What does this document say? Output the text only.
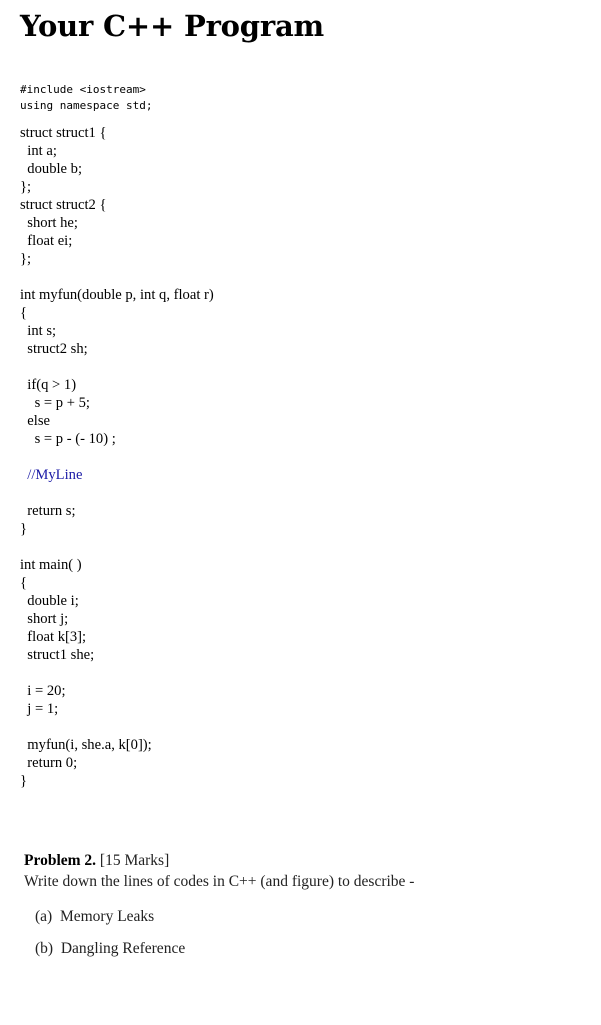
Your C++ Program
#include <iostream>
using namespace std;
struct struct1 {
int a;
double b;
};
struct struct2 {
short he;
float ei;
};
int myfun(double p, int q, float r)
{
int s;
struct2 sh;
if(q > 1)
s = p + 5;
else
s = p - (- 10) ;
//MyLine
return s;
}
int main( )
{
double i;
short j;
float k[3];
struct1 she;
i = 20;
j = 1;
myfun(i, she.a, k[0]);
return 0;
}
Problem 2. [15 Marks]
Write down the lines of codes in C++ (and figure) to describe -
(a) Memory Leaks
(b) Dangling Reference
